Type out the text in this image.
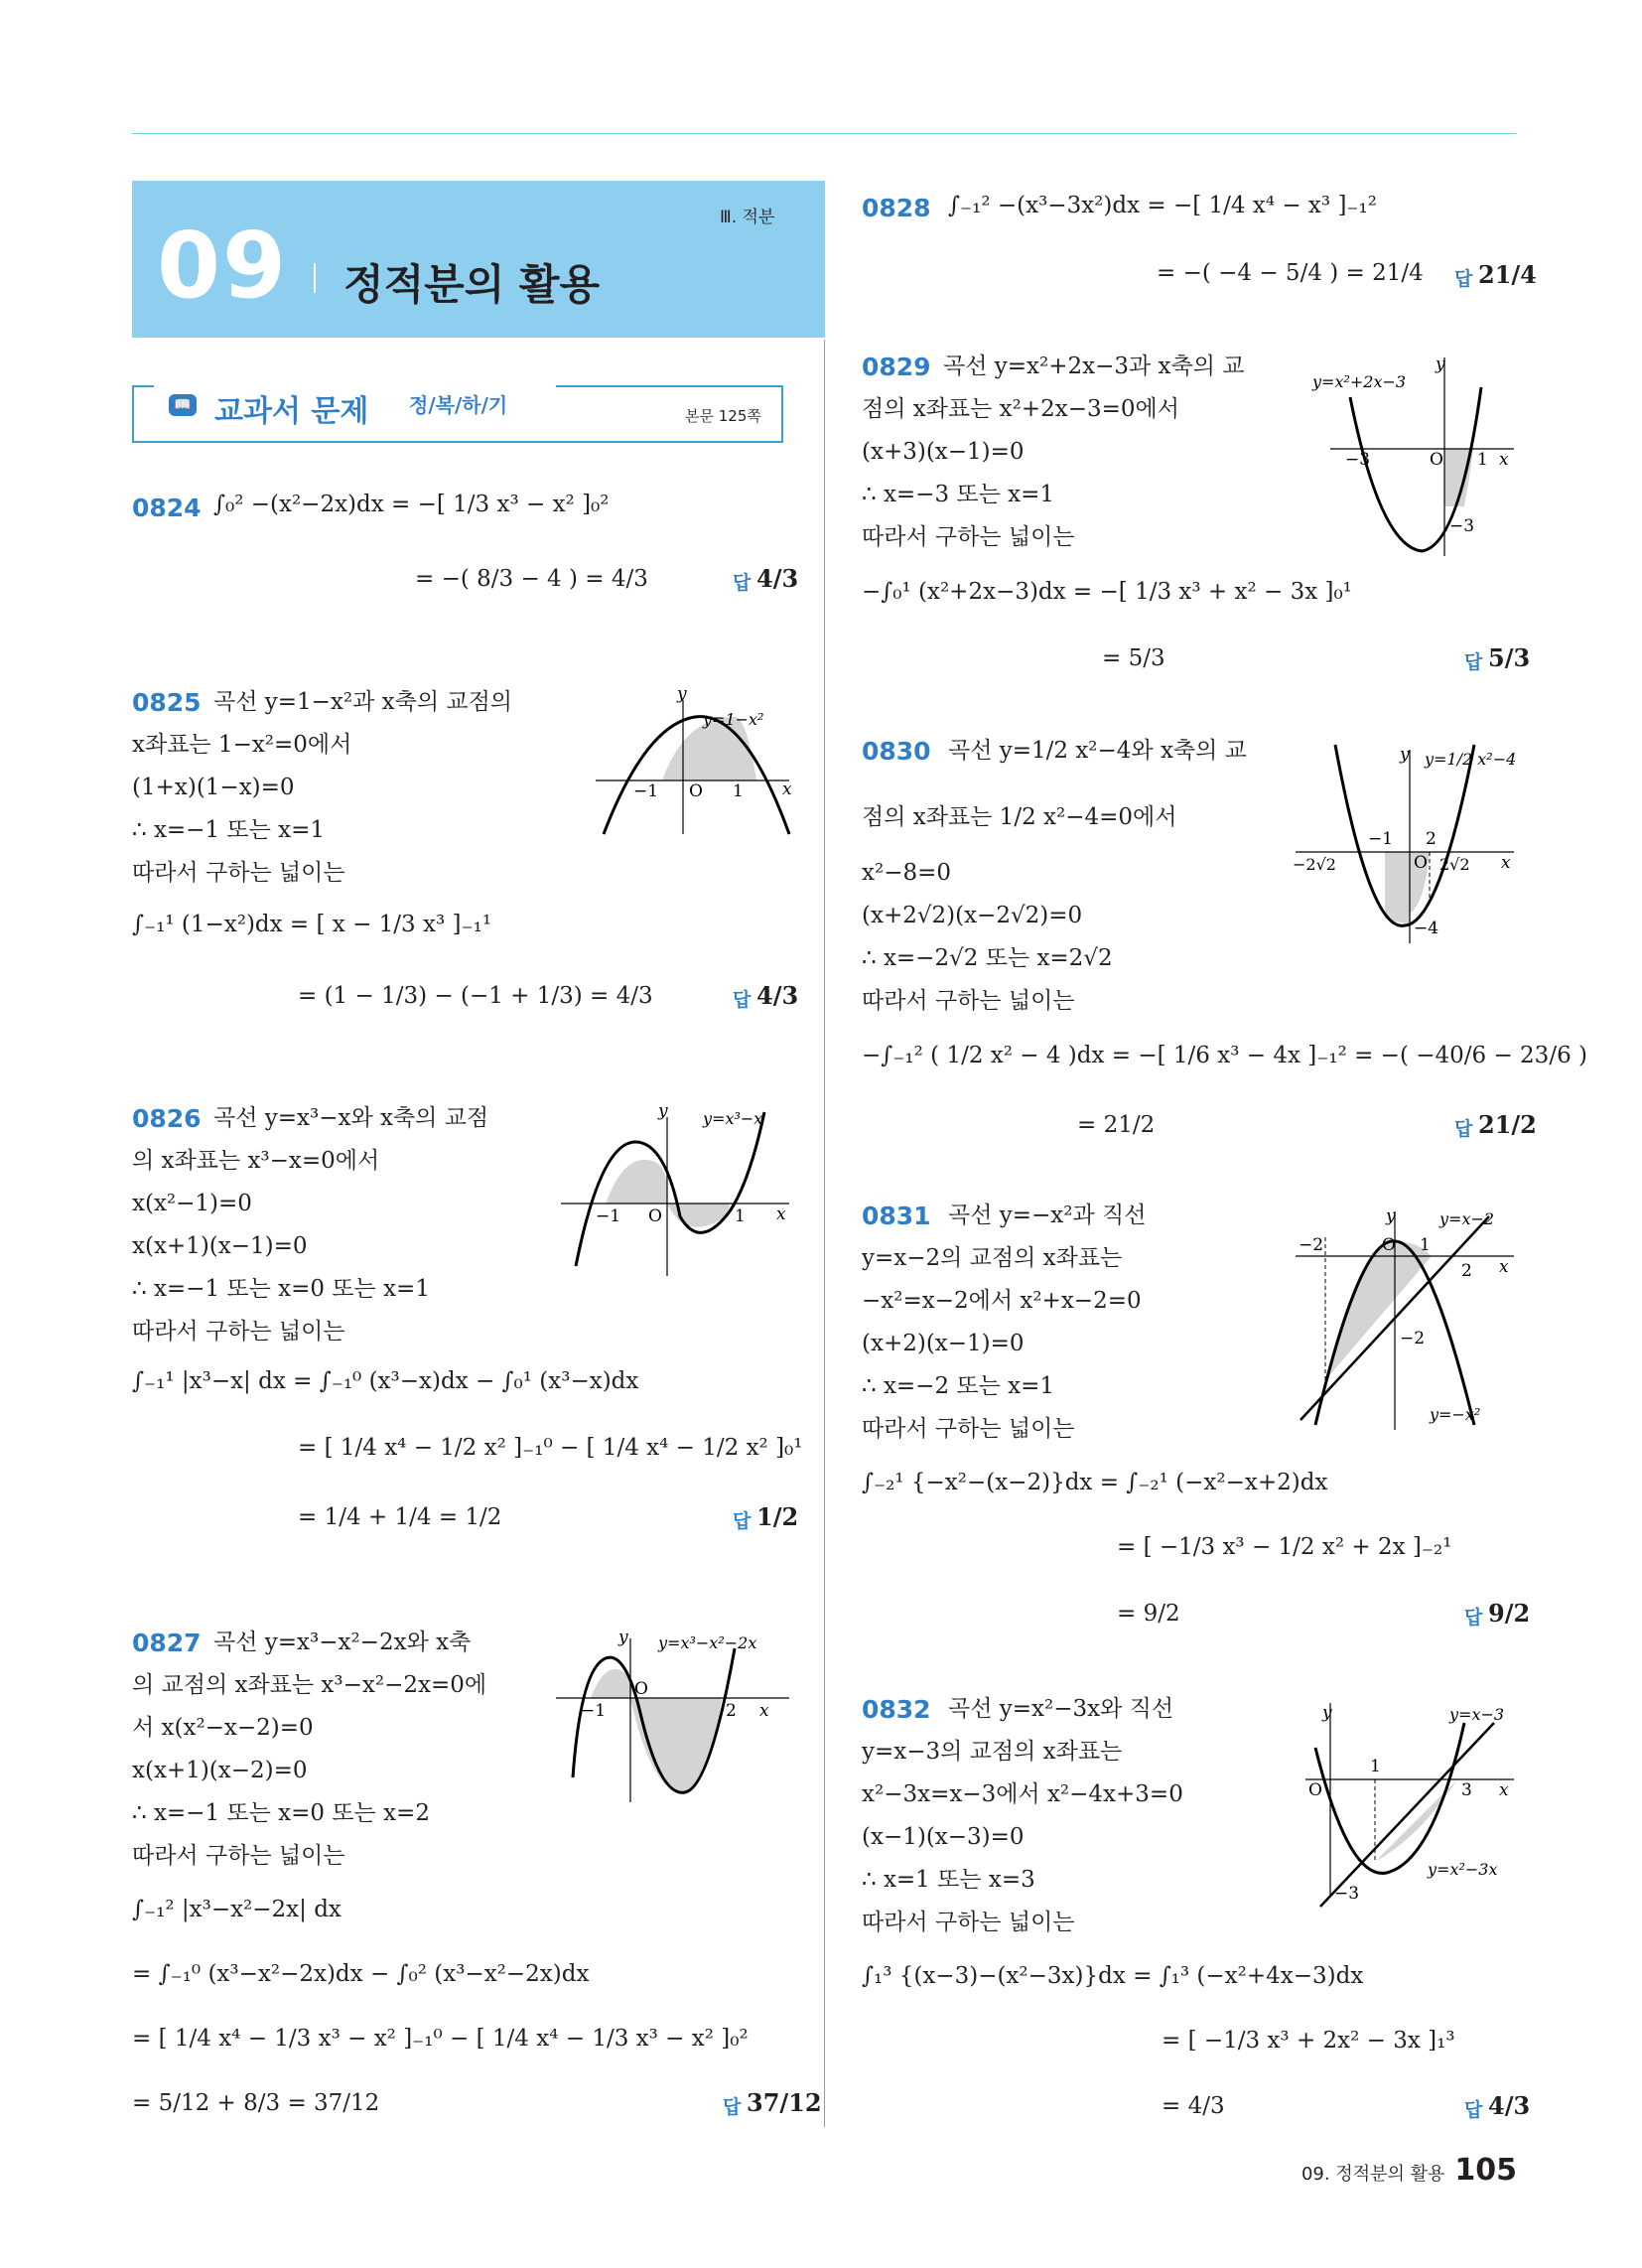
09 정적분의 활용
Ⅲ. 적분
📖 교과서 문제 정/복/하/기	본문 125쪽
0824 ∫₀² −(x²−2x)dx = −[ 1/3 x³ − x² ]₀²
= −( 8/3 − 4 ) = 4/3	답 4/3
0825 곡선 y=1−x²과 x축의 교점의
x좌표는 1−x²=0에서
(1+x)(1−x)=0
∴ x=−1 또는 x=1
따라서 구하는 넓이는
∫₋₁¹ (1−x²)dx = [ x − 1/3 x³ ]₋₁¹
= (1 − 1/3) − (−1 + 1/3) = 4/3	답 4/3
y
x
O
−1	1
y=1−x²
0826 곡선 y=x³−x와 x축의 교점
의 x좌표는 x³−x=0에서
x(x²−1)=0
x(x+1)(x−1)=0
∴ x=−1 또는 x=0 또는 x=1
따라서 구하는 넓이는
∫₋₁¹ |x³−x| dx = ∫₋₁⁰ (x³−x)dx − ∫₀¹ (x³−x)dx
= [ 1/4 x⁴ − 1/2 x² ]₋₁⁰ − [ 1/4 x⁴ − 1/2 x² ]₀¹
= 1/4 + 1/4 = 1/2	답 1/2
y
x
O
−1	1
y=x³−x
0827 곡선 y=x³−x²−2x와 x축
의 교점의 x좌표는 x³−x²−2x=0에
서 x(x²−x−2)=0
x(x+1)(x−2)=0
∴ x=−1 또는 x=0 또는 x=2
따라서 구하는 넓이는
∫₋₁² |x³−x²−2x| dx
= ∫₋₁⁰ (x³−x²−2x)dx − ∫₀² (x³−x²−2x)dx
= [ 1/4 x⁴ − 1/3 x³ − x² ]₋₁⁰ − [ 1/4 x⁴ − 1/3 x³ − x² ]₀²
= 5/12 + 8/3 = 37/12	답 37/12
y
x
O
−1	2
y=x³−x²−2x
0828 ∫₋₁² −(x³−3x²)dx = −[ 1/4 x⁴ − x³ ]₋₁²
= −( −4 − 5/4 ) = 21/4 답 21/4
0829 곡선 y=x²+2x−3과 x축의 교
점의 x좌표는 x²+2x−3=0에서
(x+3)(x−1)=0
∴ x=−3 또는 x=1
따라서 구하는 넓이는
−∫₀¹ (x²+2x−3)dx = −[ 1/3 x³ + x² − 3x ]₀¹
= 5/3	답 5/3
y
x
O
−3	1
−3
y=x²+2x−3
0830 곡선 y=1/2 x²−4와 x축의 교
점의 x좌표는 1/2 x²−4=0에서
x²−8=0
(x+2√2)(x−2√2)=0
∴ x=−2√2 또는 x=2√2
따라서 구하는 넓이는
−∫₋₁² ( 1/2 x² − 4 )dx = −[ 1/6 x³ − 4x ]₋₁² = −( −40/6 − 23/6 )
= 21/2	답 21/2
y
x
O
−1 2
−2√2	2√2
−4
y=1/2 x²−4
0831 곡선 y=−x²과 직선
y=x−2의 교점의 x좌표는
−x²=x−2에서 x²+x−2=0
(x+2)(x−1)=0
∴ x=−2 또는 x=1
따라서 구하는 넓이는
∫₋₂¹ {−x²−(x−2)}dx = ∫₋₂¹ (−x²−x+2)dx
= [ −1/3 x³ − 1/2 x² + 2x ]₋₂¹
= 9/2	답 9/2
y
x
O
−2	1
2
−2
y=x−2
y=−x²
0832 곡선 y=x²−3x와 직선
y=x−3의 교점의 x좌표는
x²−3x=x−3에서 x²−4x+3=0
(x−1)(x−3)=0
∴ x=1 또는 x=3
따라서 구하는 넓이는
∫₁³ {(x−3)−(x²−3x)}dx = ∫₁³ (−x²+4x−3)dx
= [ −1/3 x³ + 2x² − 3x ]₁³
= 4/3	답 4/3
y
x
O
1
3
−3
y=x−3
y=x²−3x
09. 정적분의 활용 105
